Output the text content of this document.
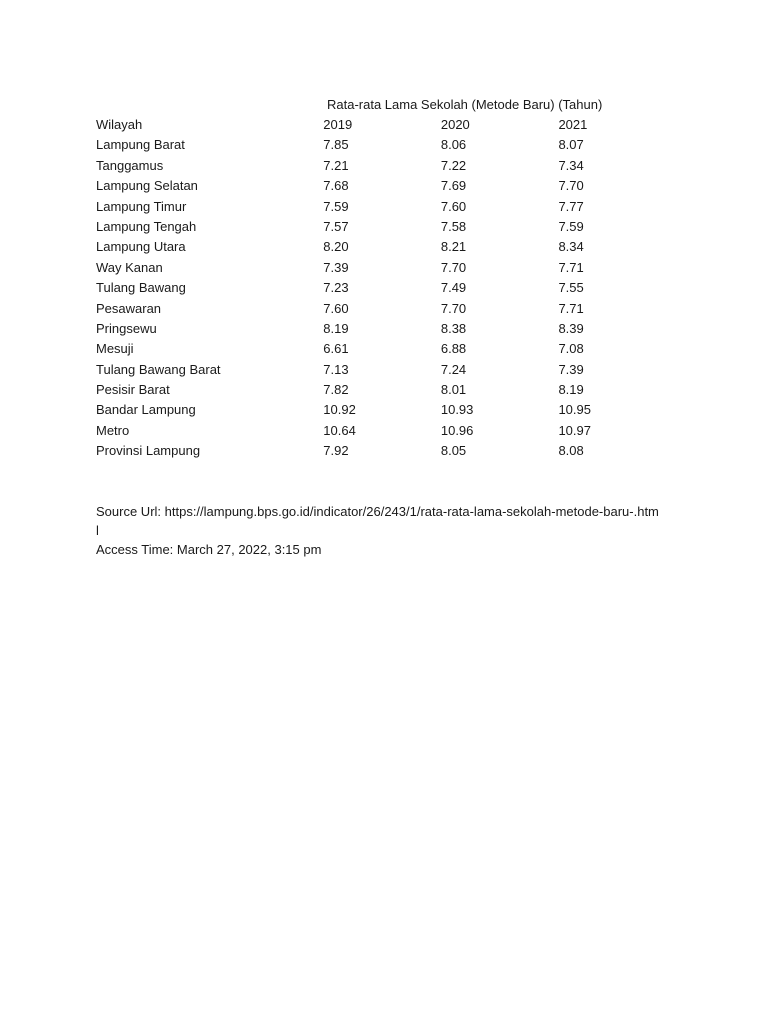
Rata-rata Lama Sekolah (Metode Baru) (Tahun)
Wilayah	2019	2020	2021
Lampung Barat	7.85	8.06	8.07
Tanggamus	7.21	7.22	7.34
Lampung Selatan	7.68	7.69	7.70
Lampung Timur	7.59	7.60	7.77
Lampung Tengah	7.57	7.58	7.59
Lampung Utara	8.20	8.21	8.34
Way Kanan	7.39	7.70	7.71
Tulang Bawang	7.23	7.49	7.55
Pesawaran	7.60	7.70	7.71
Pringsewu	8.19	8.38	8.39
Mesuji	6.61	6.88	7.08
Tulang Bawang Barat	7.13	7.24	7.39
Pesisir Barat	7.82	8.01	8.19
Bandar Lampung	10.92	10.93	10.95
Metro	10.64	10.96	10.97
Provinsi Lampung	7.92	8.05	8.08
Source Url: https://lampung.bps.go.id/indicator/26/243/1/rata-rata-lama-sekolah-metode-baru-.html
Access Time: March 27, 2022, 3:15 pm
